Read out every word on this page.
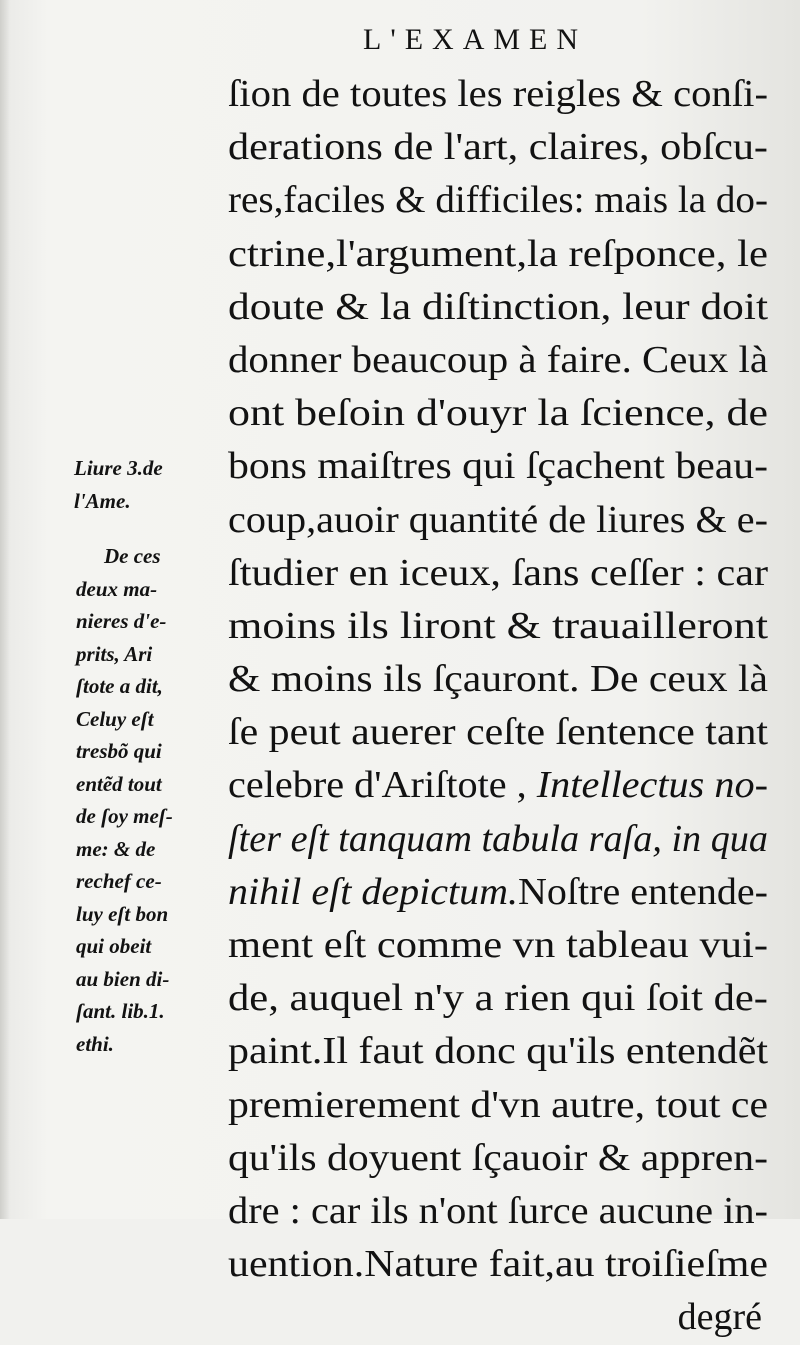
L'EXAMEN
Liure 3.de
l'Ame.
De ces
deux ma-
nieres d'e-
prits, Ari
ſtote a dit,
Celuy eſt
tresbõ qui
entẽd tout
de ſoy meſ-
me: & de
rechef ce-
luy eſt bon
qui obeit
au bien di-
ſant. lib.1.
ethi.
ſion de toutes les reigles & conſi-
derations de l'art, claires, obſcu-
res,faciles & difficiles: mais la do-
ctrine,l'argument,la reſponce, le
doute & la diſtinction, leur doit
donner beaucoup à faire. Ceux là
ont beſoin d'ouyr la ſcience, de
bons maiſtres qui ſçachent beau-
coup,auoir quantité de liures & e-
ſtudier en iceux, ſans ceſſer : car
moins ils liront & trauailleront
& moins ils ſçauront. De ceux là
ſe peut auerer ceſte ſentence tant
celebre d'Ariſtote , Intellectus no-
ſter eſt tanquam tabula raſa, in qua
nihil eſt depictum.Noſtre entende-
ment eſt comme vn tableau vui-
de, auquel n'y a rien qui ſoit de-
paint.Il faut donc qu'ils entendẽt
premierement d'vn autre, tout ce
qu'ils doyuent ſçauoir & appren-
dre : car ils n'ont ſurce aucune in-
uention.Nature fait,au troiſieſme
degré
